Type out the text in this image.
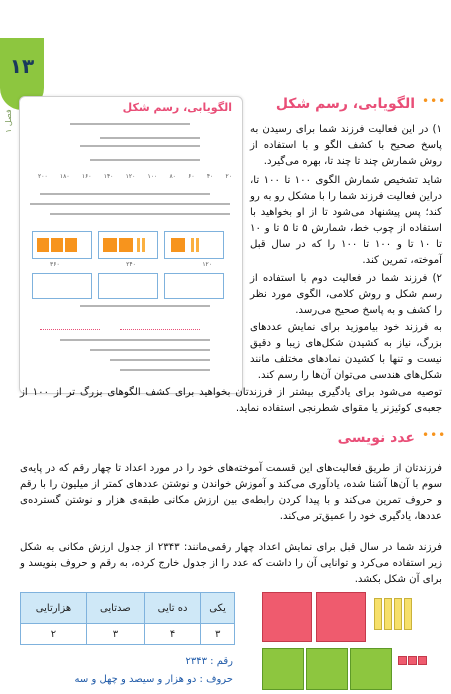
۱۳
فصل ۱
الگویابی، رسم شکل
۲۰۰ ۱۸۰ ۱۶۰ ۱۴۰ ۱۲۰ ۱۰۰ ۸۰ ۶۰ ۴۰ ۲۰
۳۶۰	۲۴۰	۱۲۰
•••
الگویابی، رسم شکل
۱) در این فعالیت فرزند شما برای رسیدن به پاسخ صحیح با کشف الگو و با استفاده از روش شمارش چند تا چند تا، بهره می‌گیرد.
شاید تشخیص شمارش الگوی ۱۰۰ تا ۱۰۰ تا، دراین فعالیت فرزند شما را با مشکل رو به رو کند؛ پس پیشنهاد می‌شود تا از او بخواهید با استفاده از چوب خط، شمارش ۵ تا ۵ تا و ۱۰ تا ۱۰ تا و ۱۰۰ تا ۱۰۰ را که در سال قبل آموخته، تمرین کند.
۲) فرزند شما در فعالیت دوم با استفاده از رسم شکل و روش کلامی، الگوی مورد نظر را کشف و به پاسخ صحیح می‌رسد.
به فرزند خود بیاموزید برای نمایش عددهای بزرگ، نیاز به کشیدن شکل‌های زیبا و دقیق نیست و تنها با کشیدن نمادهای مختلف مانند شکل‌های هندسی می‌توان آن‌ها را رسم کند.
توصیه می‌شود برای یادگیری بیشتر از فرزندتان بخواهید برای کشف الگوهای بزرگ تر از ۱۰۰ از جعبه‌ی کوئیزنر یا مقوای شطرنجی استفاده نماید.
•••
عدد نویسی
فرزندتان از طریق فعالیت‌های این قسمت آموخته‌های خود را در مورد اعداد تا چهار رقم که در پایه‌ی سوم با آن‌ها آشنا شده، یادآوری می‌کند و آموزش خواندن و نوشتن عددهای کمتر از میلیون را با رقم و حروف تمرین می‌کند و با پیدا کردن رابطه‌ی بین ارزش مکانی طبقه‌ی هزار و نوشتن گسترده‌ی عددها، یادگیری خود را عمیق‌تر می‌کند.
فرزند شما در سال قبل برای نمایش اعداد چهار رقمی‌مانند: ۲۳۴۳ از جدول ارزش مکانی به شکل زیر استفاده می‌کرد و توانایی آن را داشت که عدد را از جدول خارج کرده، به رقم و حروف بنویسد و برای آن شکل بکشد.
یکی	ده تایی	صدتایی	هزارتایی
۳	۴	۳	۲
رقم : ۲۳۴۳
حروف : دو هزار و سیصد و چهل و سه
